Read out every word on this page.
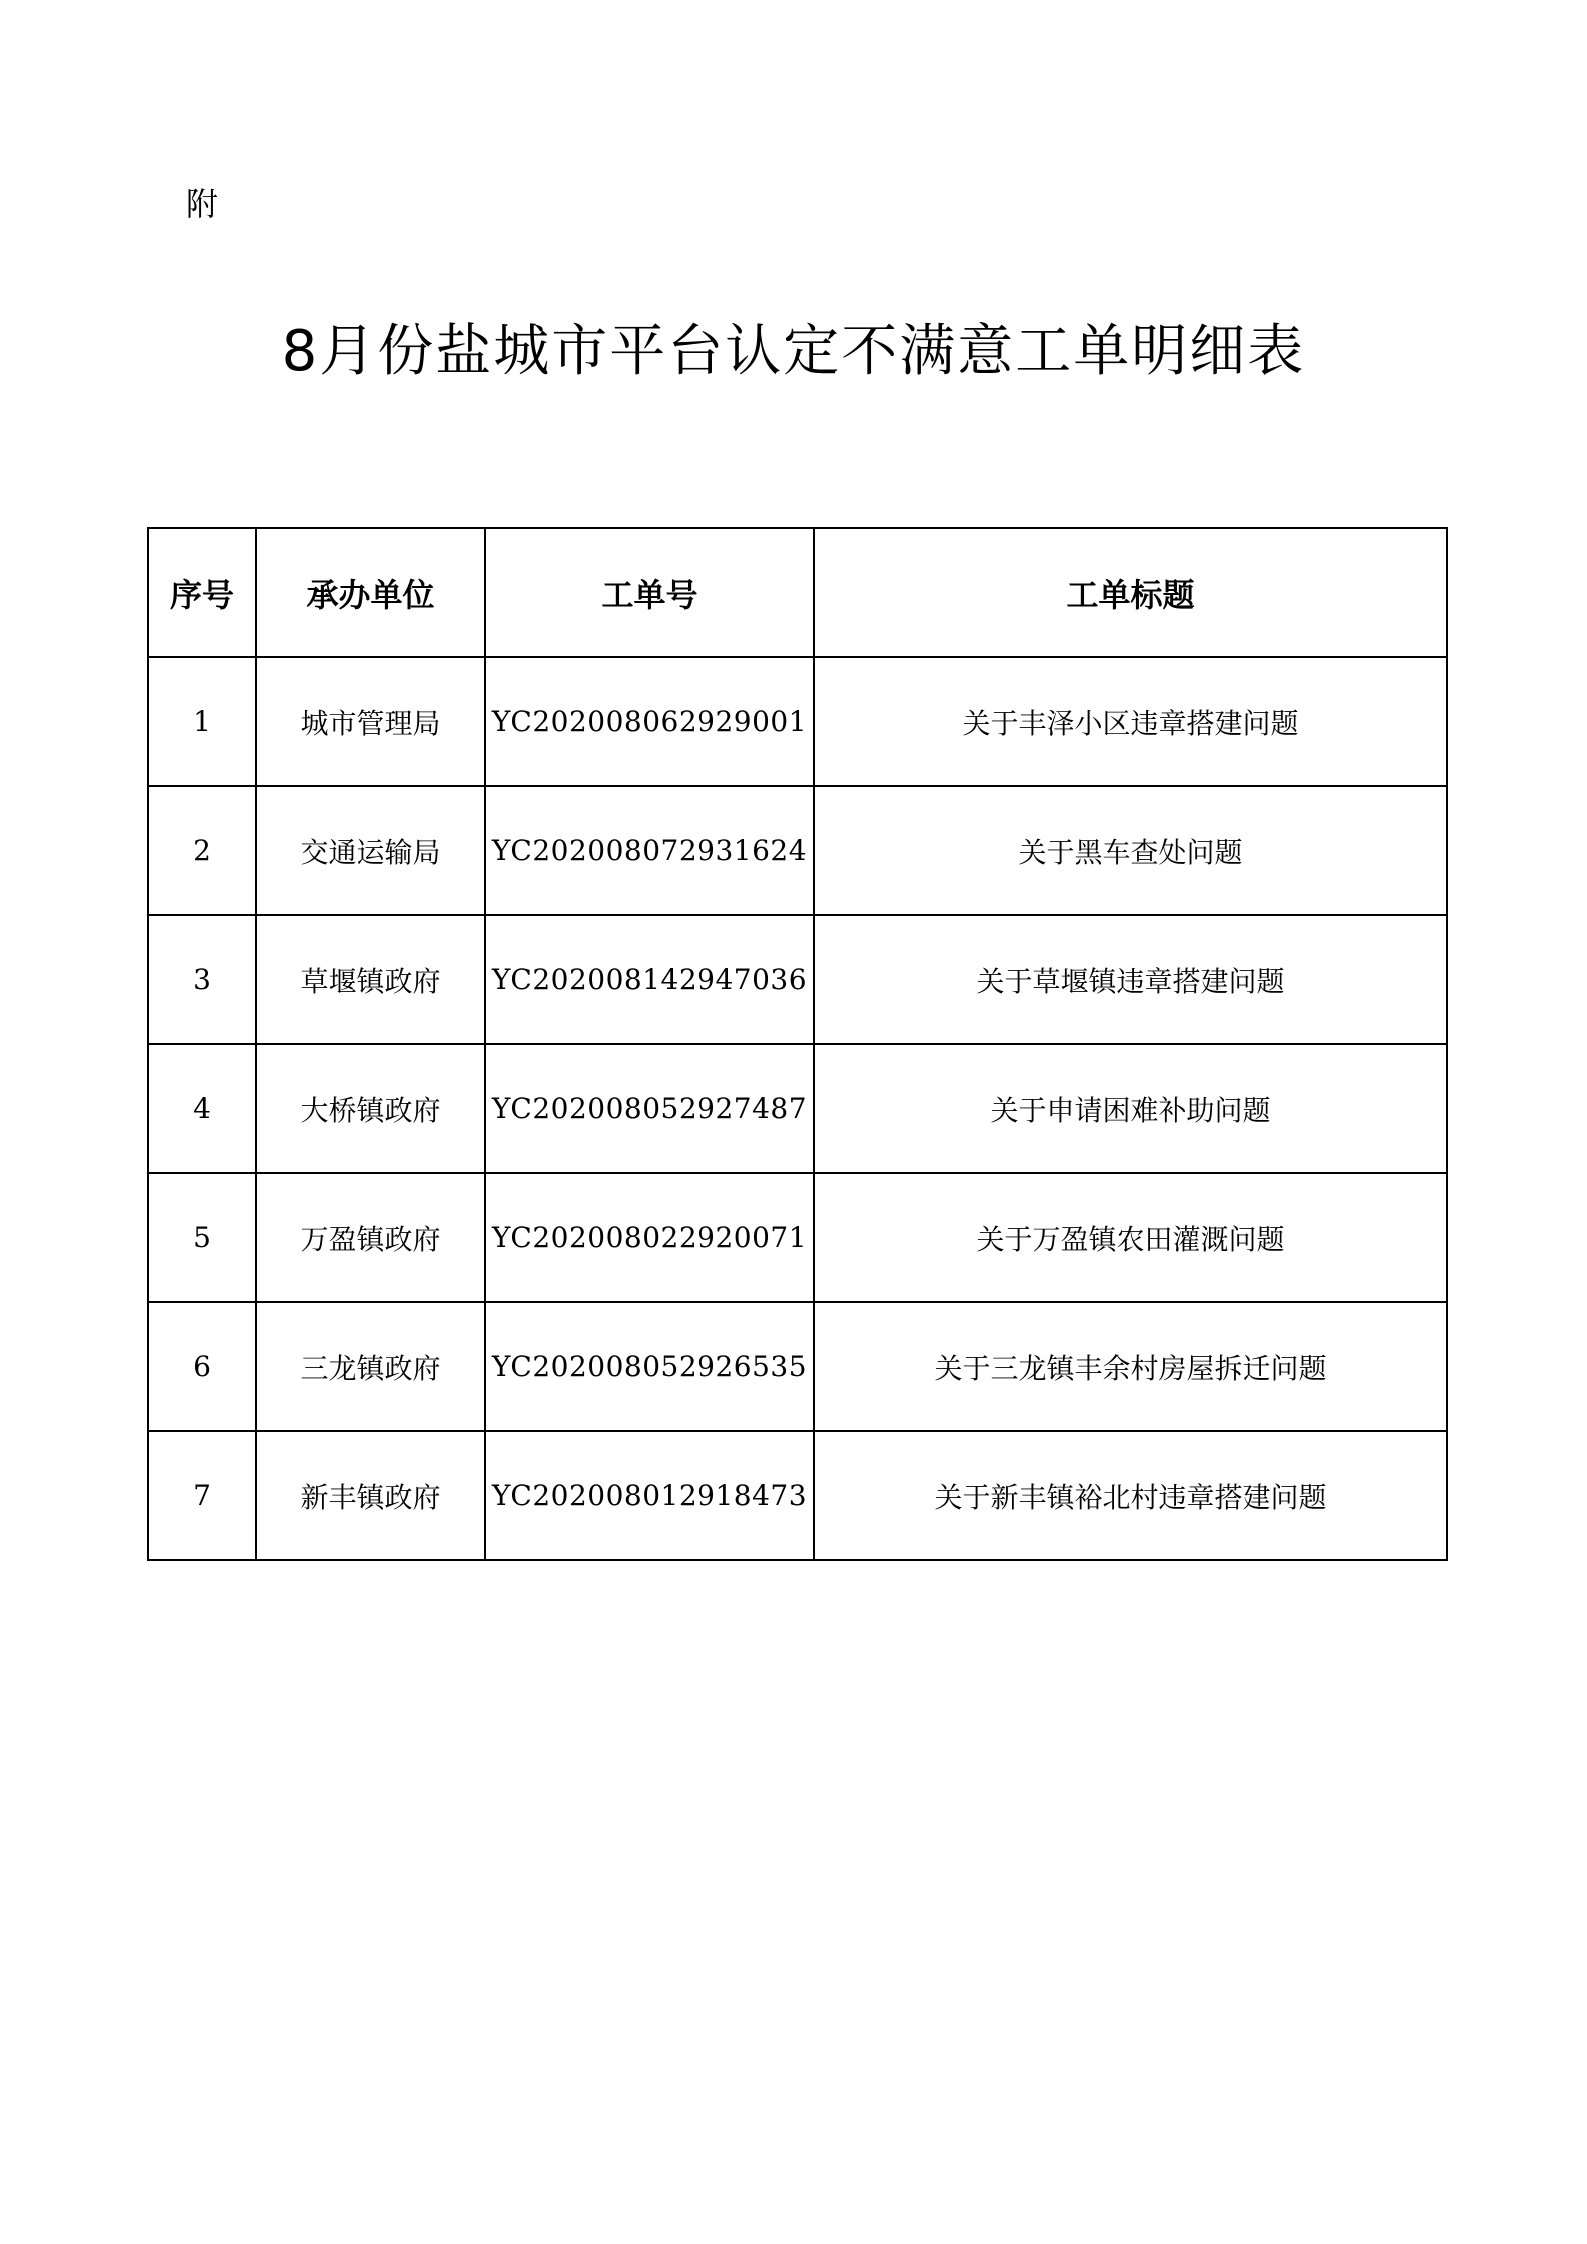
附
8月份盐城市平台认定不满意工单明细表
序号	承办单位	工单号	工单标题
1	城市管理局	YC202008062929001	关于丰泽小区违章搭建问题
2	交通运输局	YC202008072931624	关于黑车查处问题
3	草堰镇政府	YC202008142947036	关于草堰镇违章搭建问题
4	大桥镇政府	YC202008052927487	关于申请困难补助问题
5	万盈镇政府	YC202008022920071	关于万盈镇农田灌溉问题
6	三龙镇政府	YC202008052926535	关于三龙镇丰余村房屋拆迁问题
7	新丰镇政府	YC202008012918473	关于新丰镇裕北村违章搭建问题
